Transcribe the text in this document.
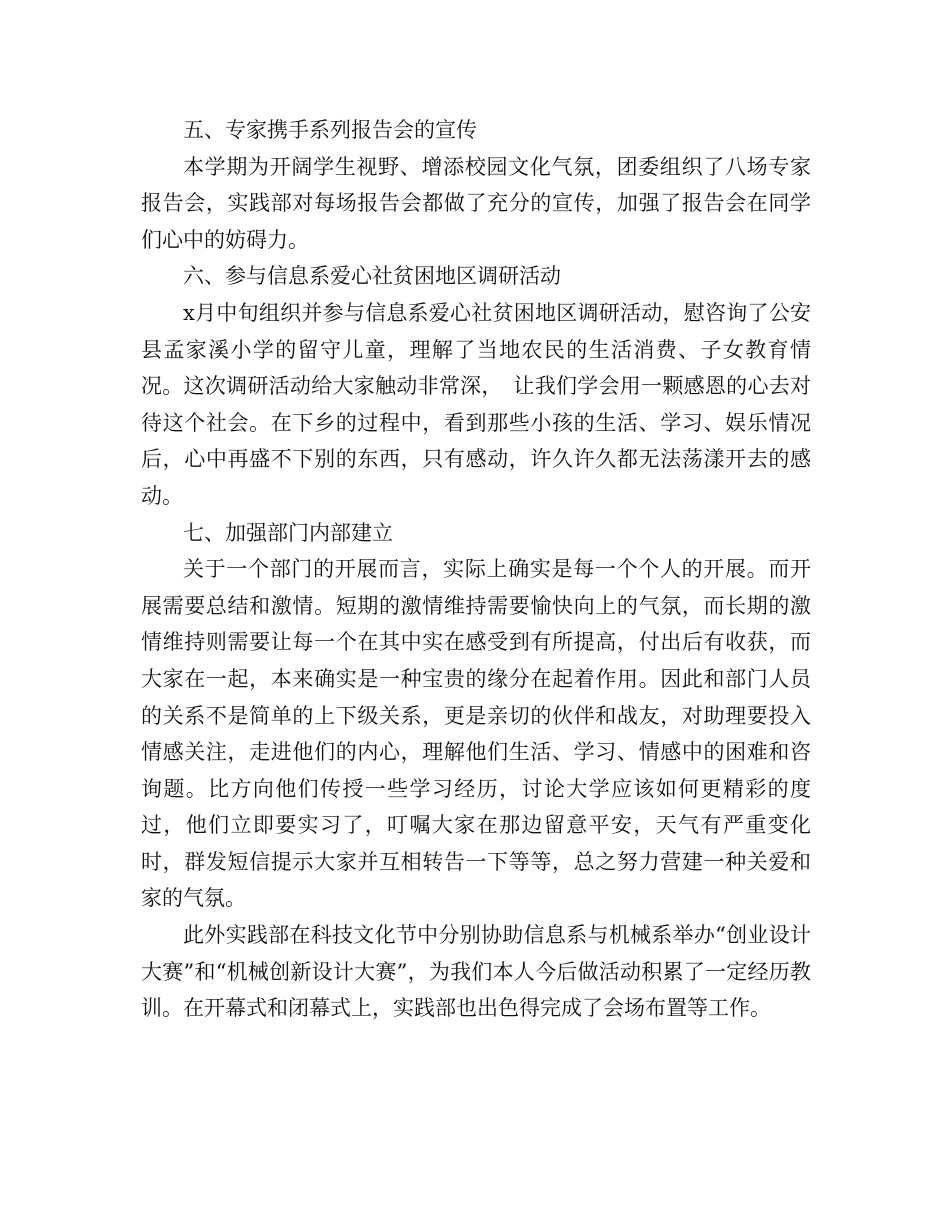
五、专家携手系列报告会的宣传

本学期为开阔学生视野、增添校园文化气氛，团委组织了八场专家报告会，实践部对每场报告会都做了充分的宣传，加强了报告会在同学们心中的妨碍力。

六、参与信息系爱心社贫困地区调研活动

x月中旬组织并参与信息系爱心社贫困地区调研活动，慰咨询了公安县孟家溪小学的留守儿童，理解了当地农民的生活消费、子女教育情况。这次调研活动给大家触动非常深，　让我们学会用一颗感恩的心去对待这个社会。在下乡的过程中，看到那些小孩的生活、学习、娱乐情况后，心中再盛不下别的东西，只有感动，许久许久都无法荡漾开去的感动。

七、加强部门内部建立

关于一个部门的开展而言，实际上确实是每一个个人的开展。而开展需要总结和激情。短期的激情维持需要愉快向上的气氛，而长期的激情维持则需要让每一个在其中实在感受到有所提高，付出后有收获，而大家在一起，本来确实是一种宝贵的缘分在起着作用。因此和部门人员的关系不是简单的上下级关系，更是亲切的伙伴和战友，对助理要投入情感关注，走进他们的内心，理解他们生活、学习、情感中的困难和咨询题。比方向他们传授一些学习经历，讨论大学应该如何更精彩的度过，他们立即要实习了，叮嘱大家在那边留意平安，天气有严重变化时，群发短信提示大家并互相转告一下等等，总之努力营建一种关爱和家的气氛。

此外实践部在科技文化节中分别协助信息系与机械系举办“创业设计大赛”和“机械创新设计大赛”，为我们本人今后做活动积累了一定经历教训。在开幕式和闭幕式上，实践部也出色得完成了会场布置等工作。
